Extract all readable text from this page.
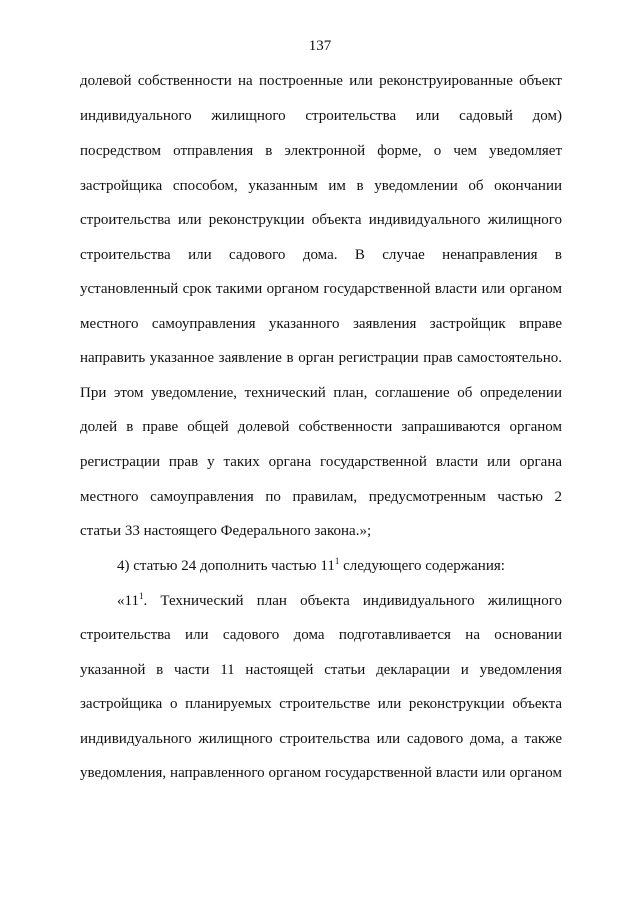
137
долевой собственности на построенные или реконструированные объект
индивидуального жилищного строительства или садовый дом)
посредством отправления в электронной форме, о чем уведомляет
застройщика способом, указанным им в уведомлении об окончании
строительства или реконструкции объекта индивидуального жилищного
строительства или садового дома. В случае ненаправления в
установленный срок такими органом государственной власти или органом
местного самоуправления указанного заявления застройщик вправе
направить указанное заявление в орган регистрации прав самостоятельно.
При этом уведомление, технический план, соглашение об определении
долей в праве общей долевой собственности запрашиваются органом
регистрации прав у таких органа государственной власти или органа
местного самоуправления по правилам, предусмотренным частью 2
статьи 33 настоящего Федерального закона.»;
4) статью 24 дополнить частью $11^1$ следующего содержания:
«$11^1$. Технический план объекта индивидуального жилищного
строительства или садового дома подготавливается на основании
указанной в части 11 настоящей статьи декларации и уведомления
застройщика о планируемых строительстве или реконструкции объекта
индивидуального жилищного строительства или садового дома, а также
уведомления, направленного органом государственной власти или органом
